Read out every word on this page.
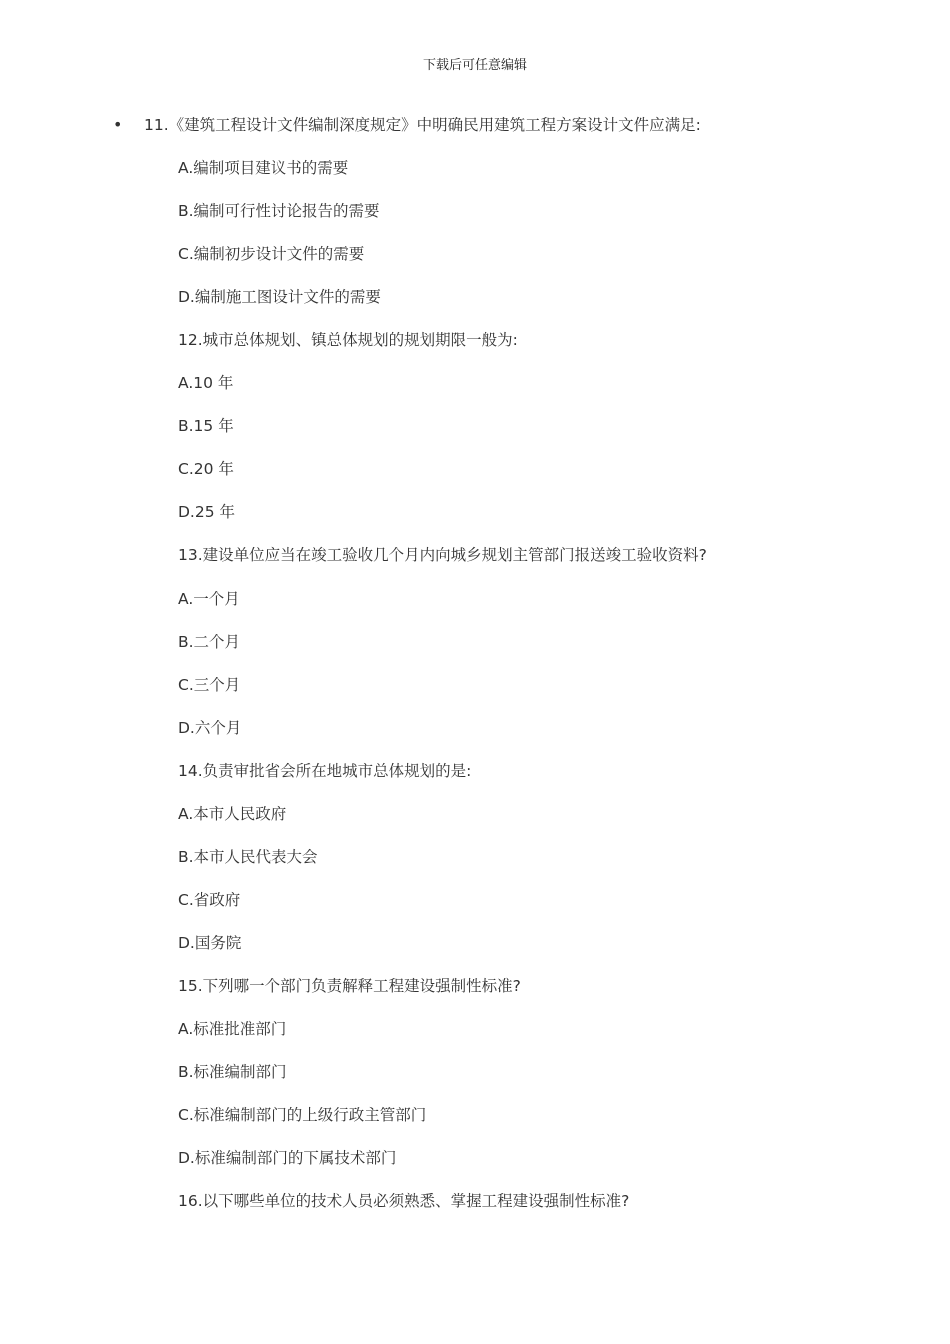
下载后可任意编辑
• 11.《建筑工程设计文件编制深度规定》中明确民用建筑工程方案设计文件应满足:
A.编制项目建议书的需要
B.编制可行性讨论报告的需要
C.编制初步设计文件的需要
D.编制施工图设计文件的需要
12.城市总体规划、镇总体规划的规划期限一般为:
A.10 年
B.15 年
C.20 年
D.25 年
13.建设单位应当在竣工验收几个月内向城乡规划主管部门报送竣工验收资料?
A.一个月
B.二个月
C.三个月
D.六个月
14.负责审批省会所在地城市总体规划的是:
A.本市人民政府
B.本市人民代表大会
C.省政府
D.国务院
15.下列哪一个部门负责解释工程建设强制性标准?
A.标准批准部门
B.标准编制部门
C.标准编制部门的上级行政主管部门
D.标准编制部门的下属技术部门
16.以下哪些单位的技术人员必须熟悉、掌握工程建设强制性标准?
